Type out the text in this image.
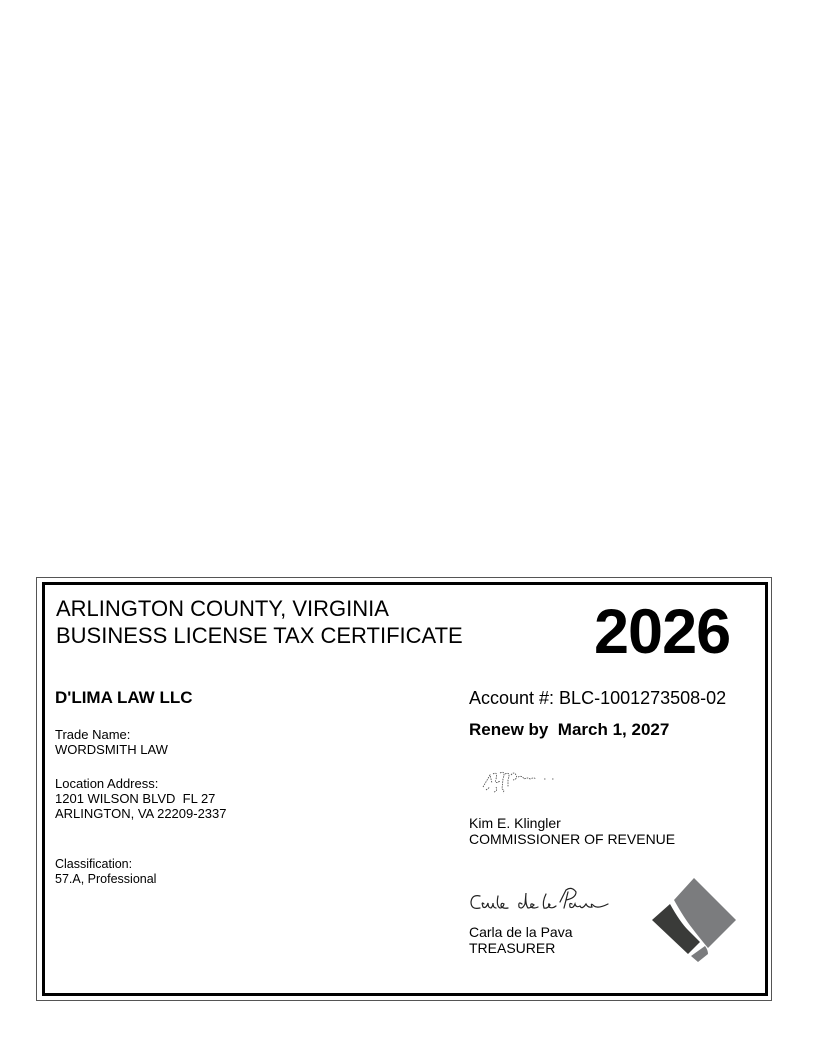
ARLINGTON COUNTY, VIRGINIA
BUSINESS LICENSE TAX CERTIFICATE 2026
D'LIMA LAW LLC
Trade Name:
WORDSMITH LAW
Location Address:
1201 WILSON BLVD  FL 27
ARLINGTON, VA 22209-2337
Classification:
57.A, Professional
Account #: BLC-1001273508-02
Renew by  March 1, 2027
Kim E. Klingler
COMMISSIONER OF REVENUE
Carla de la Pava
TREASURER
